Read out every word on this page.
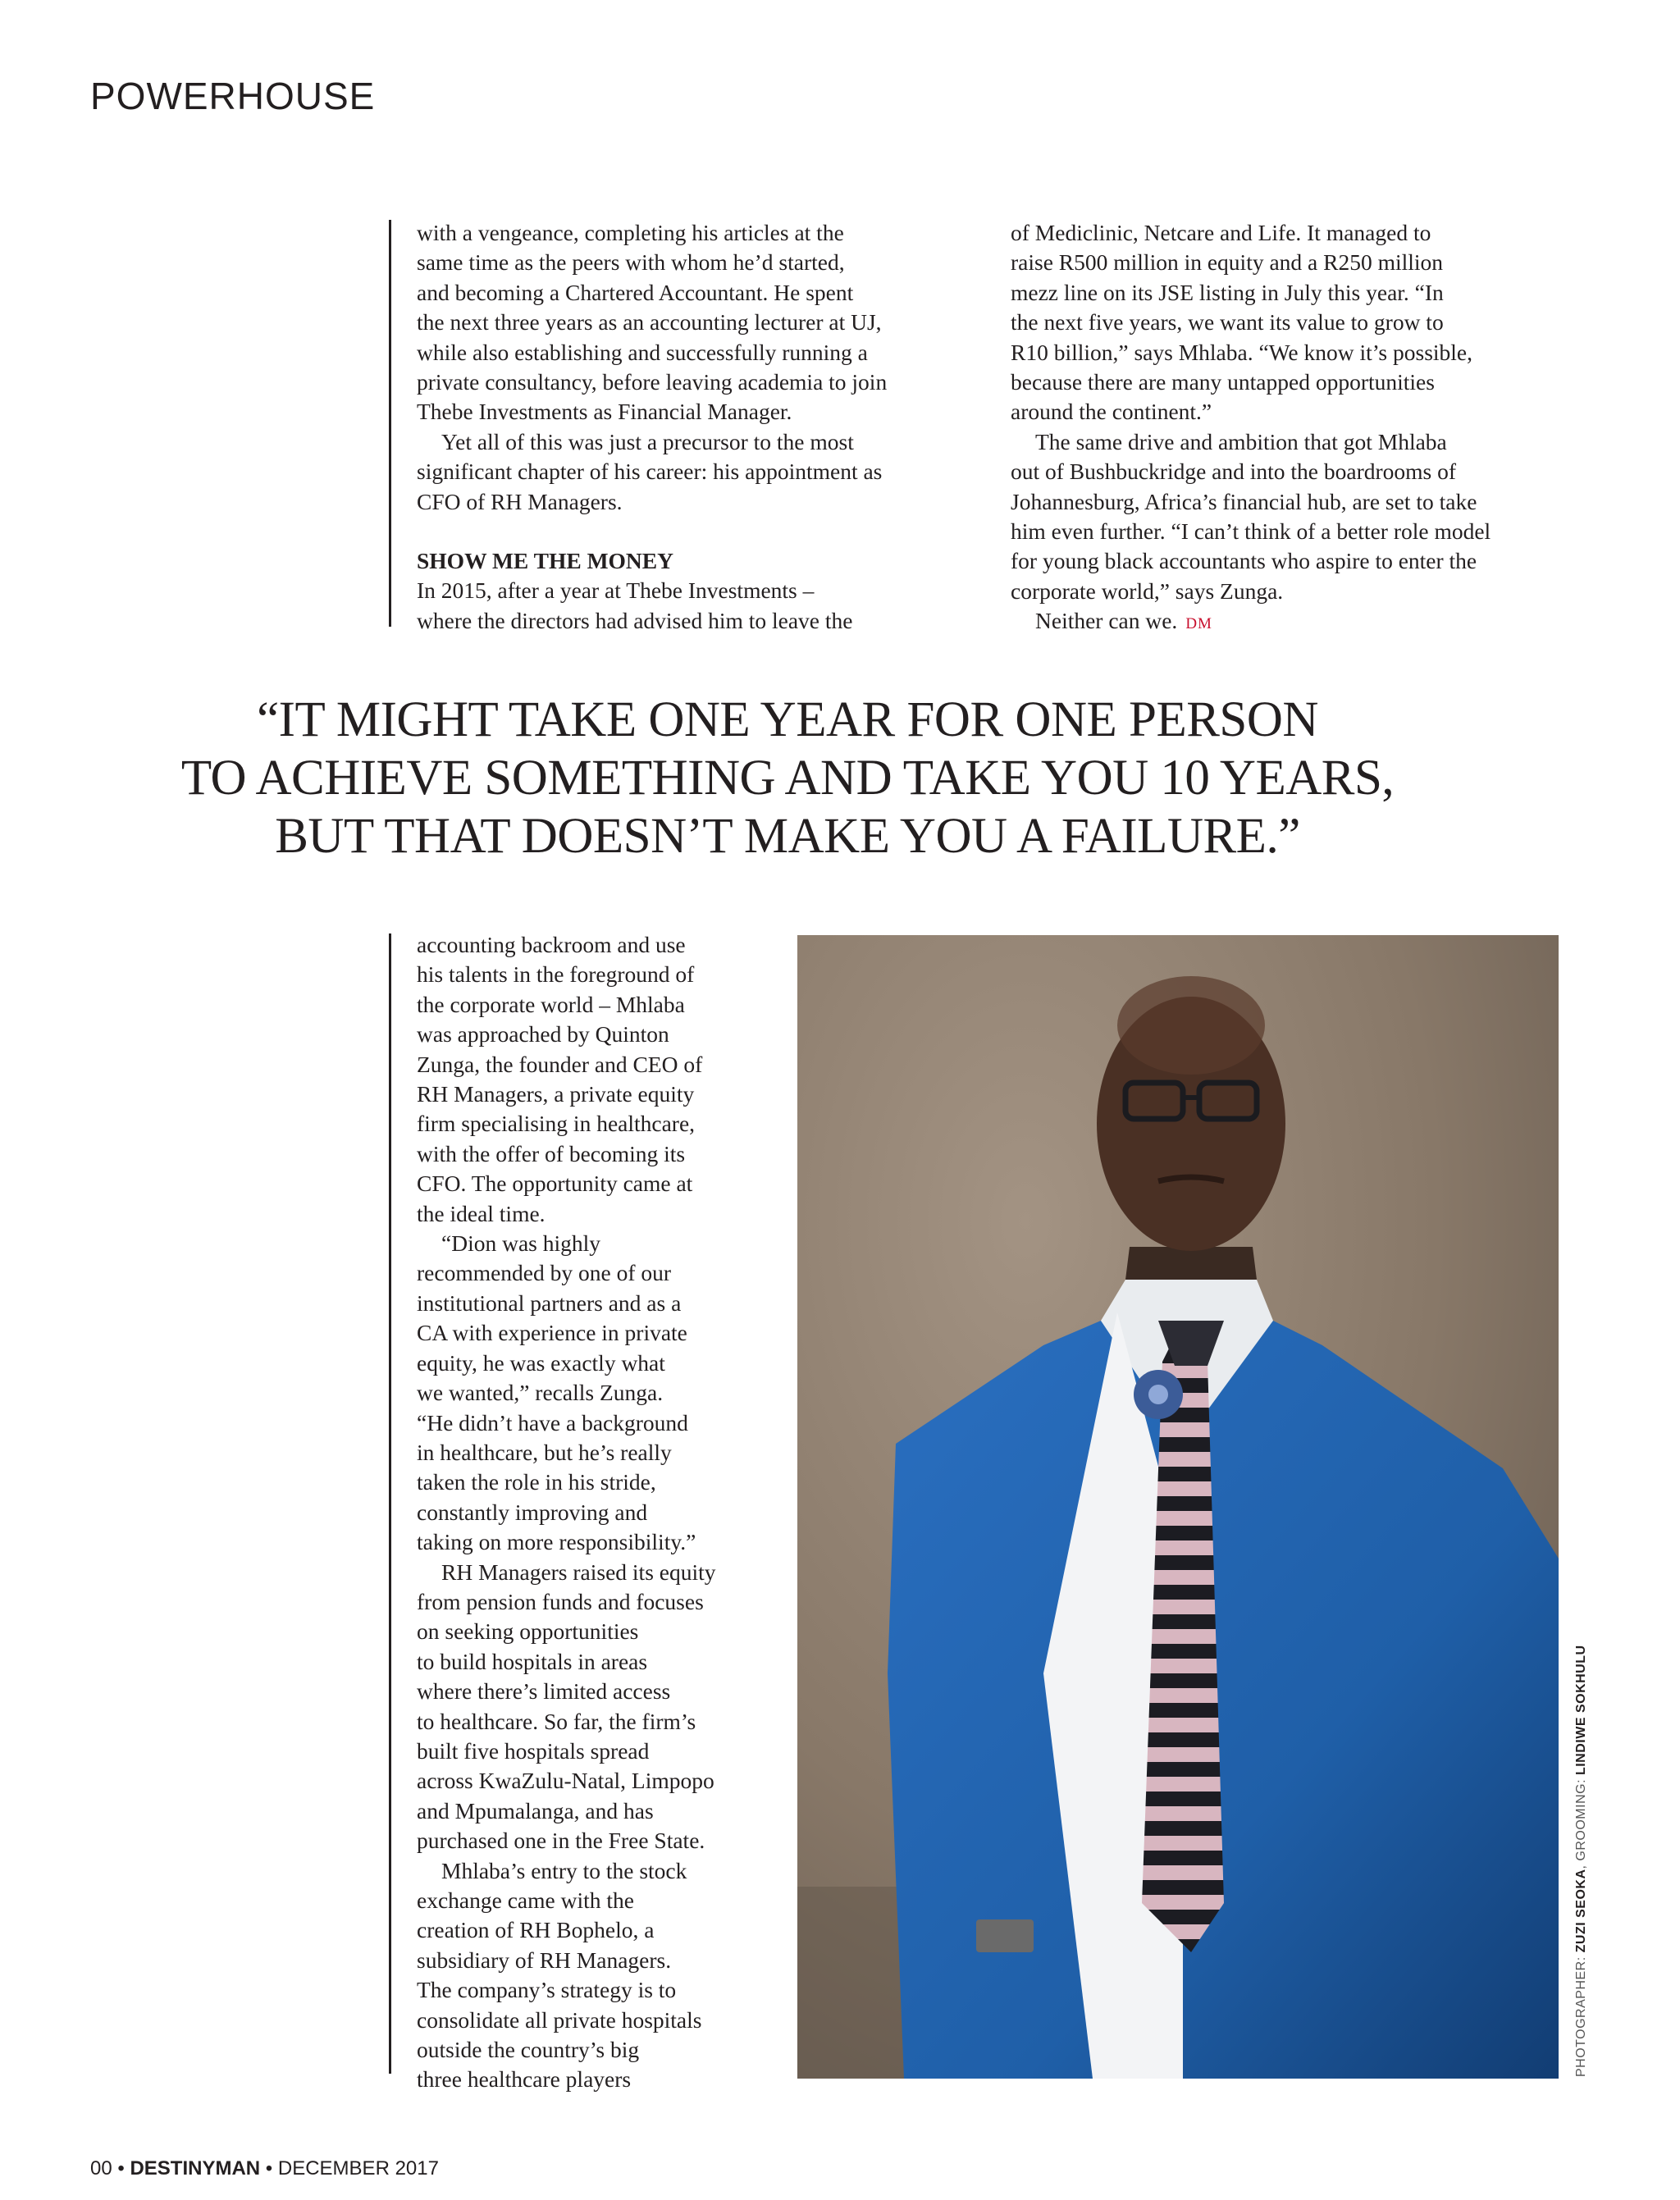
POWERHOUSE

with a vengeance, completing his articles at the

same time as the peers with whom he’d started,

and becoming a Chartered Accountant. He spent

the next three years as an accounting lecturer at UJ,

while also establishing and successfully running a

private consultancy, before leaving academia to join

Thebe Investments as Financial Manager.

Yet all of this was just a precursor to the most

significant chapter of his career: his appointment as

CFO of RH Managers.

SHOW ME THE MONEY

In 2015, after a year at Thebe Investments –

where the directors had advised him to leave the

of Mediclinic, Netcare and Life. It managed to

raise R500 million in equity and a R250 million

mezz line on its JSE listing in July this year. “In

the next five years, we want its value to grow to

R10 billion,” says Mhlaba. “We know it’s possible,

because there are many untapped opportunities

around the continent.”

The same drive and ambition that got Mhlaba

out of Bushbuckridge and into the boardrooms of

Johannesburg, Africa’s financial hub, are set to take

him even further. “I can’t think of a better role model

for young black accountants who aspire to enter the

corporate world,” says Zunga.

Neither can we. DM

“IT MIGHT TAKE ONE YEAR FOR ONE PERSON
TO ACHIEVE SOMETHING AND TAKE YOU 10 YEARS,
BUT THAT DOESN’T MAKE YOU A FAILURE.”

accounting backroom and use

his talents in the foreground of

the corporate world – Mhlaba

was approached by Quinton

Zunga, the founder and CEO of

RH Managers, a private equity

firm specialising in healthcare,

with the offer of becoming its

CFO. The opportunity came at

the ideal time.

“Dion was highly

recommended by one of our

institutional partners and as a

CA with experience in private

equity, he was exactly what

we wanted,” recalls Zunga.

“He didn’t have a background

in healthcare, but he’s really

taken the role in his stride,

constantly improving and

taking on more responsibility.”

RH Managers raised its equity

from pension funds and focuses

on seeking opportunities

to build hospitals in areas

where there’s limited access

to healthcare. So far, the firm’s

built five hospitals spread

across KwaZulu-Natal, Limpopo

and Mpumalanga, and has

purchased one in the Free State.

Mhlaba’s entry to the stock

exchange came with the

creation of RH Bophelo, a

subsidiary of RH Managers.

The company’s strategy is to

consolidate all private hospitals

outside the country’s big

three healthcare players

PHOTOGRAPHER: ZUZI SEOKA, GROOMING: LINDIWE SOKHULU
00 • DESTINYMAN • DECEMBER 2017
